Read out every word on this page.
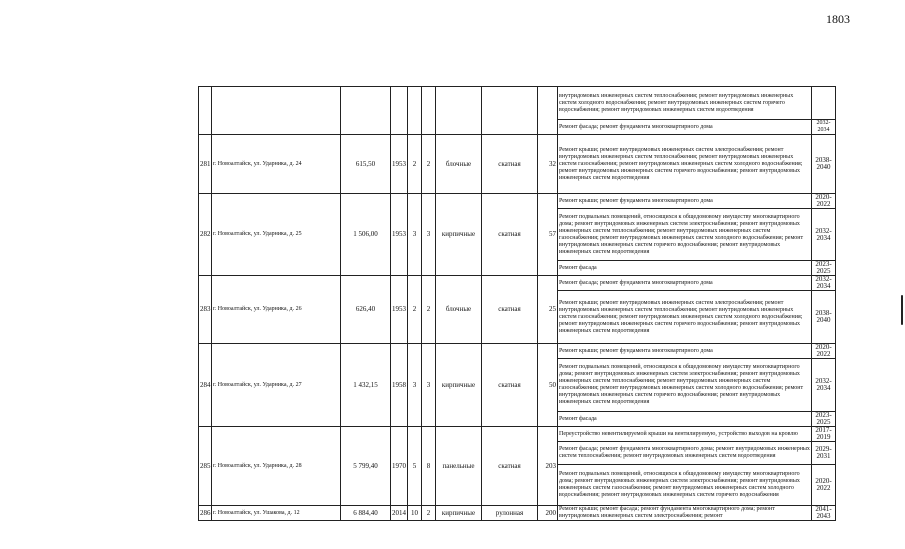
1803
									внутридомовых инженерных систем теплоснабжения; ремонт внутридомовых инженерных систем холодного водоснабжения; ремонт внутридомовых инженерных систем горячего водоснабжения; ремонт внутридомовых инженерных систем водоотведения	
									Ремонт фасада; ремонт фундамента многоквартирного дома	2032-2034
281	г. Новоалтайск, ул. Ударника, д. 24	615,50	1953	2	2	блочные	скатная	32	Ремонт крыши; ремонт внутридомовых инженерных систем электроснабжения; ремонт внутридомовых инженерных систем теплоснабжения; ремонт внутридомовых инженерных систем газоснабжения; ремонт внутридомовых инженерных систем холодного водоснабжения; ремонт внутридомовых инженерных систем горячего водоснабжения; ремонт внутридомовых инженерных систем водоотведения	2038-2040
282	г. Новоалтайск, ул. Ударника, д. 25	1 506,00	1953	3	3	кирпичные	скатная	57	Ремонт крыши; ремонт фундамента многоквартирного дома	2020-2022
									Ремонт подвальных помещений, относящихся к общедомовому имуществу многоквартирного дома; ремонт внутридомовых инженерных систем электроснабжения; ремонт внутридомовых инженерных систем теплоснабжения; ремонт внутридомовых инженерных систем газоснабжения; ремонт внутридомовых инженерных систем холодного водоснабжения; ремонт внутридомовых инженерных систем горячего водоснабжения; ремонт внутридомовых инженерных систем водоотведения	2032-2034
									Ремонт фасада	2023-2025
283	г. Новоалтайск, ул. Ударника, д. 26	626,40	1953	2	2	блочные	скатная	25	Ремонт фасада; ремонт фундамента многоквартирного дома	2032-2034
									Ремонт крыши; ремонт внутридомовых инженерных систем электроснабжения; ремонт внутридомовых инженерных систем теплоснабжения; ремонт внутридомовых инженерных систем газоснабжения; ремонт внутридомовых инженерных систем холодного водоснабжения; ремонт внутридомовых инженерных систем горячего водоснабжения; ремонт внутридомовых инженерных систем водоотведения	2038-2040
284	г. Новоалтайск, ул. Ударника, д. 27	1 432,15	1958	3	3	кирпичные	скатная	50	Ремонт крыши; ремонт фундамента многоквартирного дома	2020-2022
									Ремонт подвальных помещений, относящихся к общедомовому имуществу многоквартирного дома; ремонт внутридомовых инженерных систем электроснабжения; ремонт внутридомовых инженерных систем теплоснабжения; ремонт внутридомовых инженерных систем газоснабжения; ремонт внутридомовых инженерных систем холодного водоснабжения; ремонт внутридомовых инженерных систем горячего водоснабжения; ремонт внутридомовых инженерных систем водоотведения	2032-2034
									Ремонт фасада	2023-2025
285	г. Новоалтайск, ул. Ударника, д. 28	5 799,40	1970	5	8	панельные	скатная	203	Переустройство невентилируемой крыши на вентилируемую, устройство выходов на кровлю	2017-2019
									Ремонт фасада; ремонт фундамента многоквартирного дома; ремонт внутридомовых инженерных систем теплоснабжения; ремонт внутридомовых инженерных систем водоотведения	2029-2031
									Ремонт подвальных помещений, относящихся к общедомовому имуществу многоквартирного дома; ремонт внутридомовых инженерных систем электроснабжения; ремонт внутридомовых инженерных систем газоснабжения; ремонт внутридомовых инженерных систем холодного водоснабжения; ремонт внутридомовых инженерных систем горячего водоснабжения	2020-2022
286	г. Новоалтайск, ул. Ушакова, д. 12	6 884,40	2014	10	2	кирпичные	рулонная	200	Ремонт крыши; ремонт фасада; ремонт фундамента многоквартирного дома; ремонт внутридомовых инженерных систем электроснабжения; ремонт	2041-2043
